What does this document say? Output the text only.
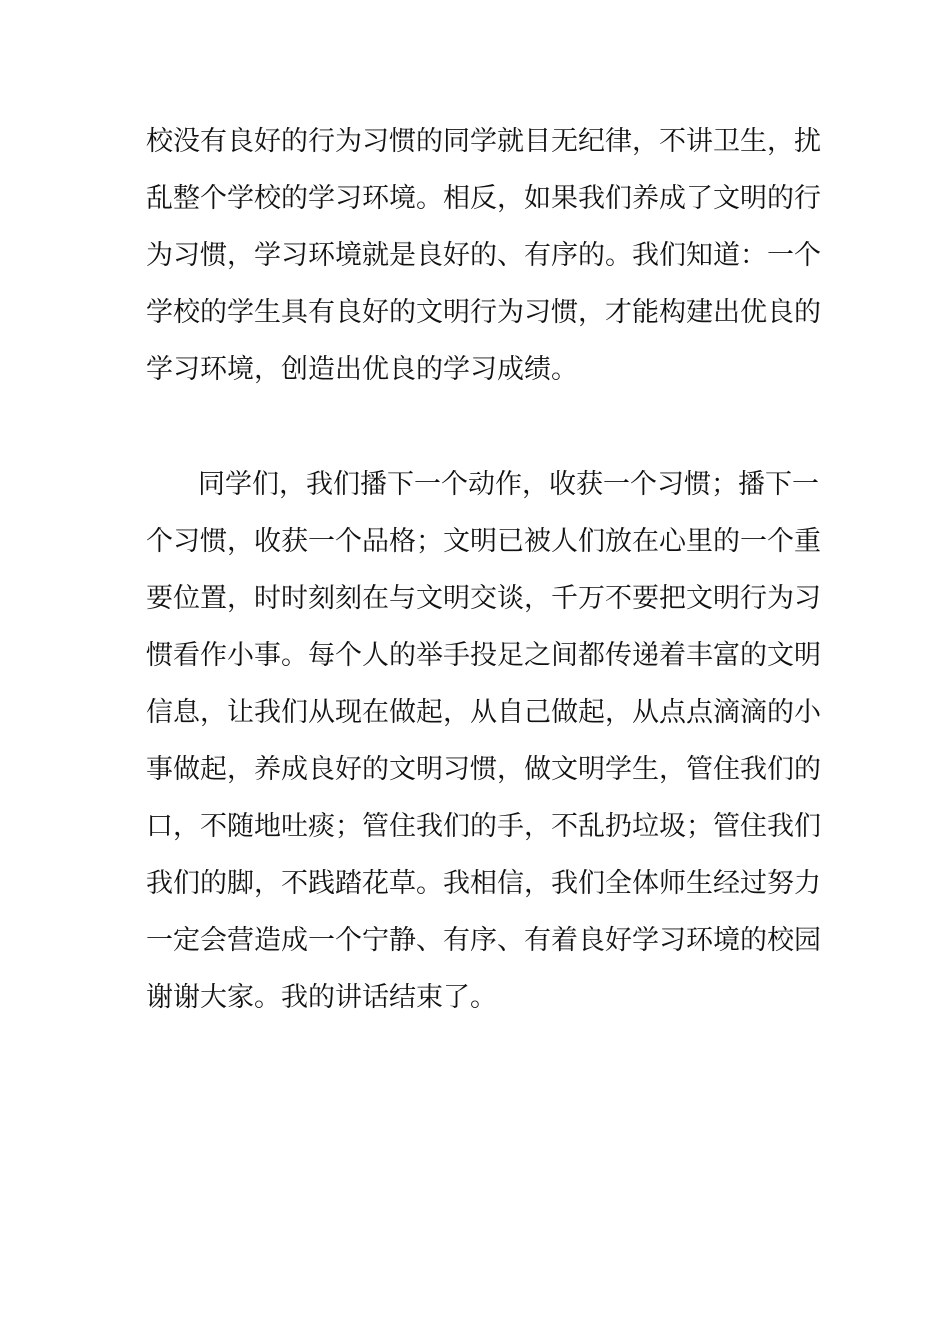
校没有良好的行为习惯的同学就目无纪律，不讲卫生，扰
乱整个学校的学习环境。相反，如果我们养成了文明的行
为习惯，学习环境就是良好的、有序的。我们知道：一个
学校的学生具有良好的文明行为习惯，才能构建出优良的
学习环境，创造出优良的学习成绩。
同学们，我们播下一个动作，收获一个习惯；播下一
个习惯，收获一个品格；文明已被人们放在心里的一个重
要位置，时时刻刻在与文明交谈，千万不要把文明行为习
惯看作小事。每个人的举手投足之间都传递着丰富的文明
信息，让我们从现在做起，从自己做起，从点点滴滴的小
事做起，养成良好的文明习惯，做文明学生，管住我们的
口，不随地吐痰；管住我们的手，不乱扔垃圾；管住我们
我们的脚，不践踏花草。我相信，我们全体师生经过努力
一定会营造成一个宁静、有序、有着良好学习环境的校园
谢谢大家。我的讲话结束了。
